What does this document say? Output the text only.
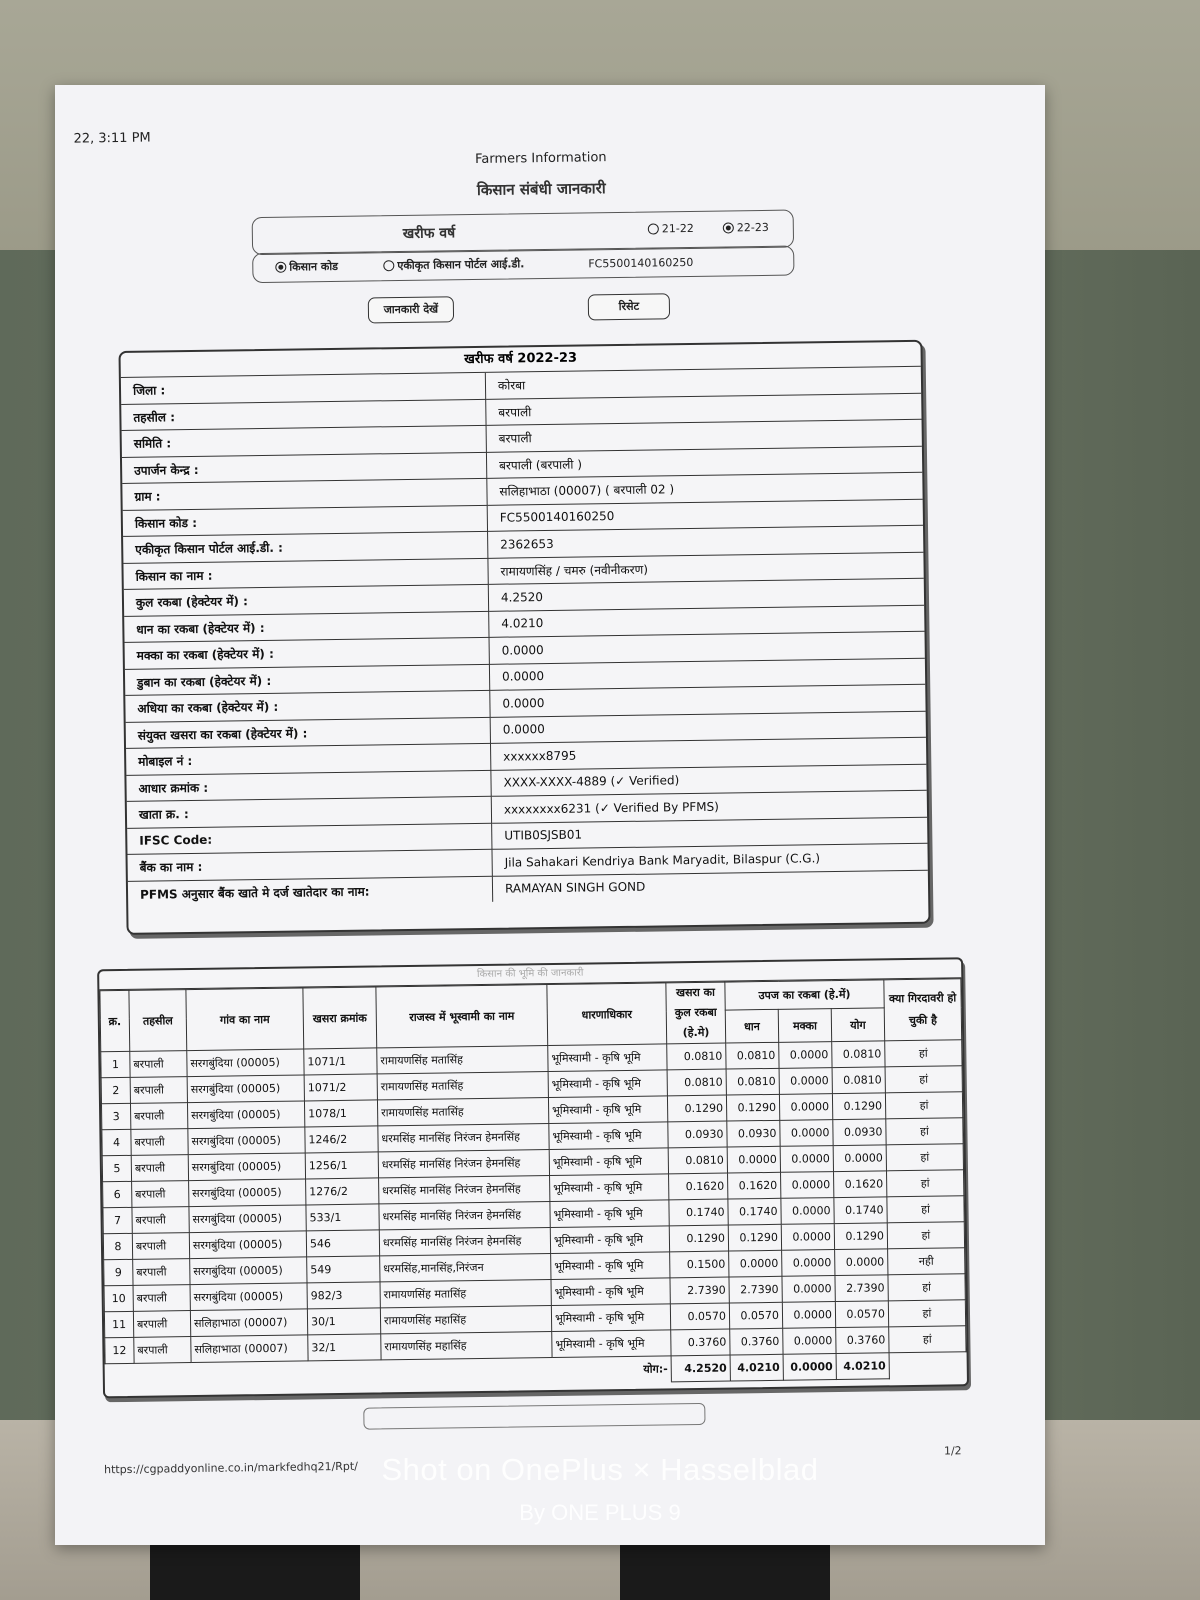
22, 3:11 PM
Farmers Information
किसान संबंधी जानकारी
खरीफ वर्ष	21-22	22-23
किसान कोड	एकीकृत किसान पोर्टल आई.डी.	FC5500140160250
जानकारी देखें	रिसेट
खरीफ वर्ष 2022-23
जिला :	कोरबा
तहसील :	बरपाली
समिति :	बरपाली
उपार्जन केन्द्र :	बरपाली (बरपाली )
ग्राम :	सलिहाभाठा (00007) ( बरपाली 02 )
किसान कोड :	FC5500140160250
एकीकृत किसान पोर्टल आई.डी. :	2362653
किसान का नाम :	रामायणसिंह / चमरु (नवीनीकरण)
कुल रकबा (हेक्टेयर में) :	4.2520
धान का रकबा (हेक्टेयर में) :	4.0210
मक्का का रकबा (हेक्टेयर में) :	0.0000
डुबान का रकबा (हेक्टेयर में) :	0.0000
अधिया का रकबा (हेक्टेयर में) :	0.0000
संयुक्त खसरा का रकबा (हेक्टेयर में) :	0.0000
मोबाइल नं :	xxxxxx8795
आधार क्रमांक :	XXXX-XXXX-4889 (✓ Verified)
खाता क्र. :	xxxxxxxx6231 (✓ Verified By PFMS)
IFSC Code:	UTIB0SJSB01
बैंक का नाम :	Jila Sahakari Kendriya Bank Maryadit, Bilaspur (C.G.)
PFMS अनुसार बैंक खाते मे दर्ज खातेदार का नाम:	RAMAYAN SINGH GOND
किसान की भूमि की जानकारी
क्र.	तहसील	गांव का नाम	खसरा क्रमांक	राजस्व में भूस्वामी का नाम	धारणाधिकार	खसरा का कुल रकबा (हे.मे)	उपज का रकबा (हे.में)			क्या गिरदावरी हो चुकी है
							धान	मक्का	योग	
1	बरपाली	सरगबुंदिया (00005)	1071/1	रामायणसिंह मतासिंह	भूमिस्वामी - कृषि भूमि	0.0810	0.0810	0.0000	0.0810	हां
2	बरपाली	सरगबुंदिया (00005)	1071/2	रामायणसिंह मतासिंह	भूमिस्वामी - कृषि भूमि	0.0810	0.0810	0.0000	0.0810	हां
3	बरपाली	सरगबुंदिया (00005)	1078/1	रामायणसिंह मतासिंह	भूमिस्वामी - कृषि भूमि	0.1290	0.1290	0.0000	0.1290	हां
4	बरपाली	सरगबुंदिया (00005)	1246/2	धरमसिंह मानसिंह निरंजन हेमनसिंह	भूमिस्वामी - कृषि भूमि	0.0930	0.0930	0.0000	0.0930	हां
5	बरपाली	सरगबुंदिया (00005)	1256/1	धरमसिंह मानसिंह निरंजन हेमनसिंह	भूमिस्वामी - कृषि भूमि	0.0810	0.0000	0.0000	0.0000	हां
6	बरपाली	सरगबुंदिया (00005)	1276/2	धरमसिंह मानसिंह निरंजन हेमनसिंह	भूमिस्वामी - कृषि भूमि	0.1620	0.1620	0.0000	0.1620	हां
7	बरपाली	सरगबुंदिया (00005)	533/1	धरमसिंह मानसिंह निरंजन हेमनसिंह	भूमिस्वामी - कृषि भूमि	0.1740	0.1740	0.0000	0.1740	हां
8	बरपाली	सरगबुंदिया (00005)	546	धरमसिंह मानसिंह निरंजन हेमनसिंह	भूमिस्वामी - कृषि भूमि	0.1290	0.1290	0.0000	0.1290	हां
9	बरपाली	सरगबुंदिया (00005)	549	धरमसिंह,मानसिंह,निरंजन	भूमिस्वामी - कृषि भूमि	0.1500	0.0000	0.0000	0.0000	नही
10	बरपाली	सरगबुंदिया (00005)	982/3	रामायणसिंह मतासिंह	भूमिस्वामी - कृषि भूमि	2.7390	2.7390	0.0000	2.7390	हां
11	बरपाली	सलिहाभाठा (00007)	30/1	रामायणसिंह महासिंह	भूमिस्वामी - कृषि भूमि	0.0570	0.0570	0.0000	0.0570	हां
12	बरपाली	सलिहाभाठा (00007)	32/1	रामायणसिंह महासिंह	भूमिस्वामी - कृषि भूमि	0.3760	0.3760	0.0000	0.3760	हां
योग:-						4.2520	4.0210	0.0000	4.0210	
https://cgpaddyonline.co.in/markfedhq21/Rpt/
1/2
Shot on OnePlus × Hasselblad
By ONE PLUS 9
